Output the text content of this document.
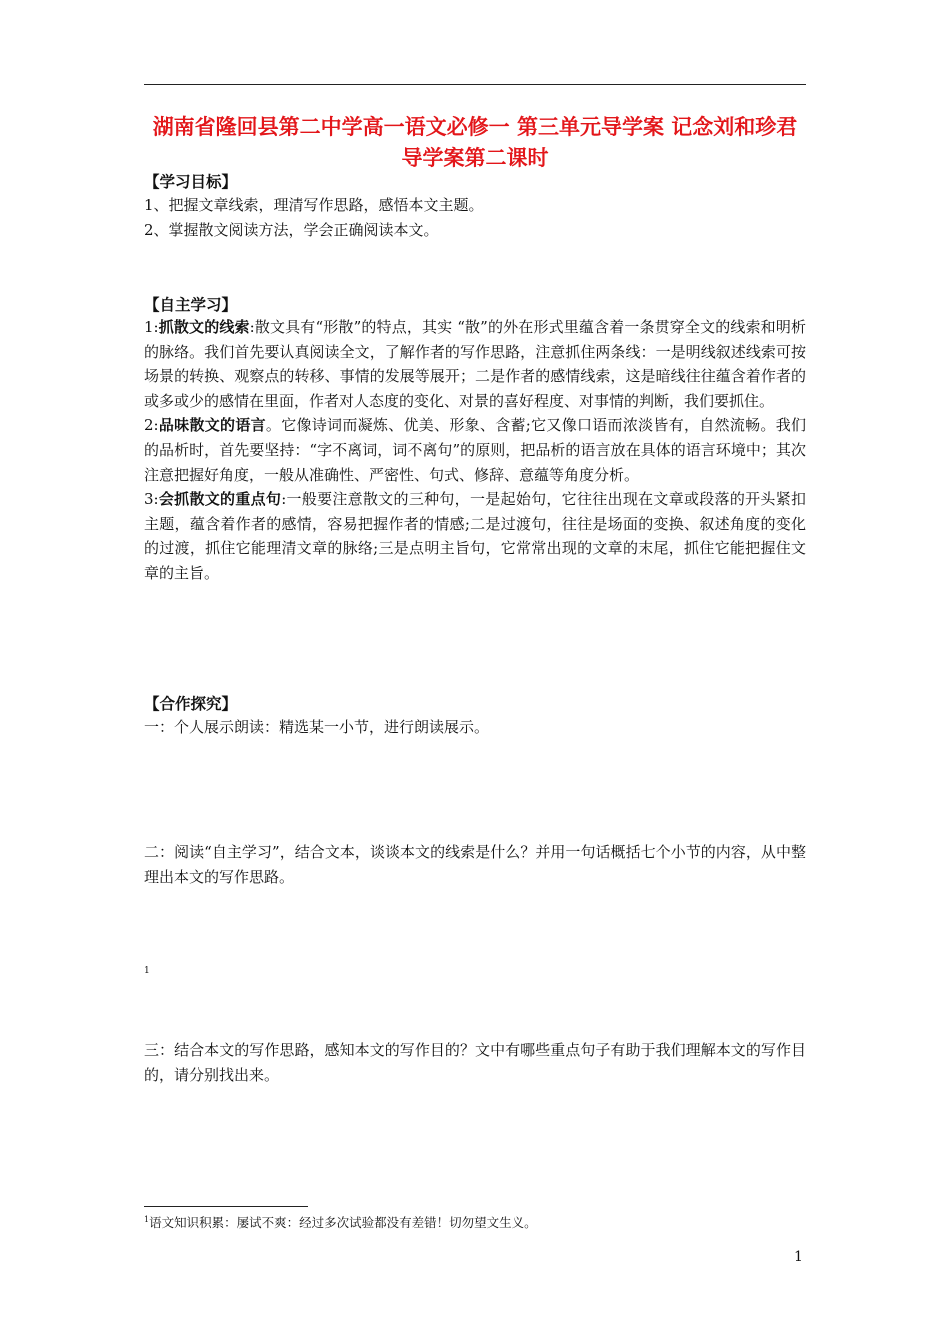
湖南省隆回县第二中学高一语文必修一 第三单元导学案 记念刘和珍君导学案第二课时
【学习目标】
1、把握文章线索，理清写作思路，感悟本文主题。
2、掌握散文阅读方法，学会正确阅读本文。
【自主学习】

1:抓散文的线索:散文具有“形散”的特点，其实 “散”的外在形式里蕴含着一条贯穿全文的线索和明析的脉络。我们首先要认真阅读全文，了解作者的写作思路，注意抓住两条线：一是明线叙述线索可按场景的转换、观察点的转移、事情的发展等展开；二是作者的感情线索，这是暗线往往蕴含着作者的或多或少的感情在里面，作者对人态度的变化、对景的喜好程度、对事情的判断，我们要抓住。

2:品味散文的语言。它像诗词而凝炼、优美、形象、含蓄;它又像口语而浓淡皆有，自然流畅。我们的品析时，首先要坚持：“字不离词，词不离句”的原则，把品析的语言放在具体的语言环境中；其次注意把握好角度，一般从准确性、严密性、句式、修辞、意蕴等角度分析。

3:会抓散文的重点句:一般要注意散文的三种句，一是起始句，它往往出现在文章或段落的开头紧扣主题，蕴含着作者的感情，容易把握作者的情感;二是过渡句，往往是场面的变换、叙述角度的变化的过渡，抓住它能理清文章的脉络;三是点明主旨句，它常常出现的文章的末尾，抓住它能把握住文章的主旨。

【合作探究】
一：个人展示朗读：精选某一小节，进行朗读展示。
二：阅读“自主学习”，结合文本，谈谈本文的线索是什么？并用一句话概括七个小节的内容，从中整理出本文的写作思路。
1
三：结合本文的写作思路，感知本文的写作目的？文中有哪些重点句子有助于我们理解本文的写作目的，请分别找出来。
$^1$语文知识积累：屡试不爽：经过多次试验都没有差错！切勿望文生义。
1
